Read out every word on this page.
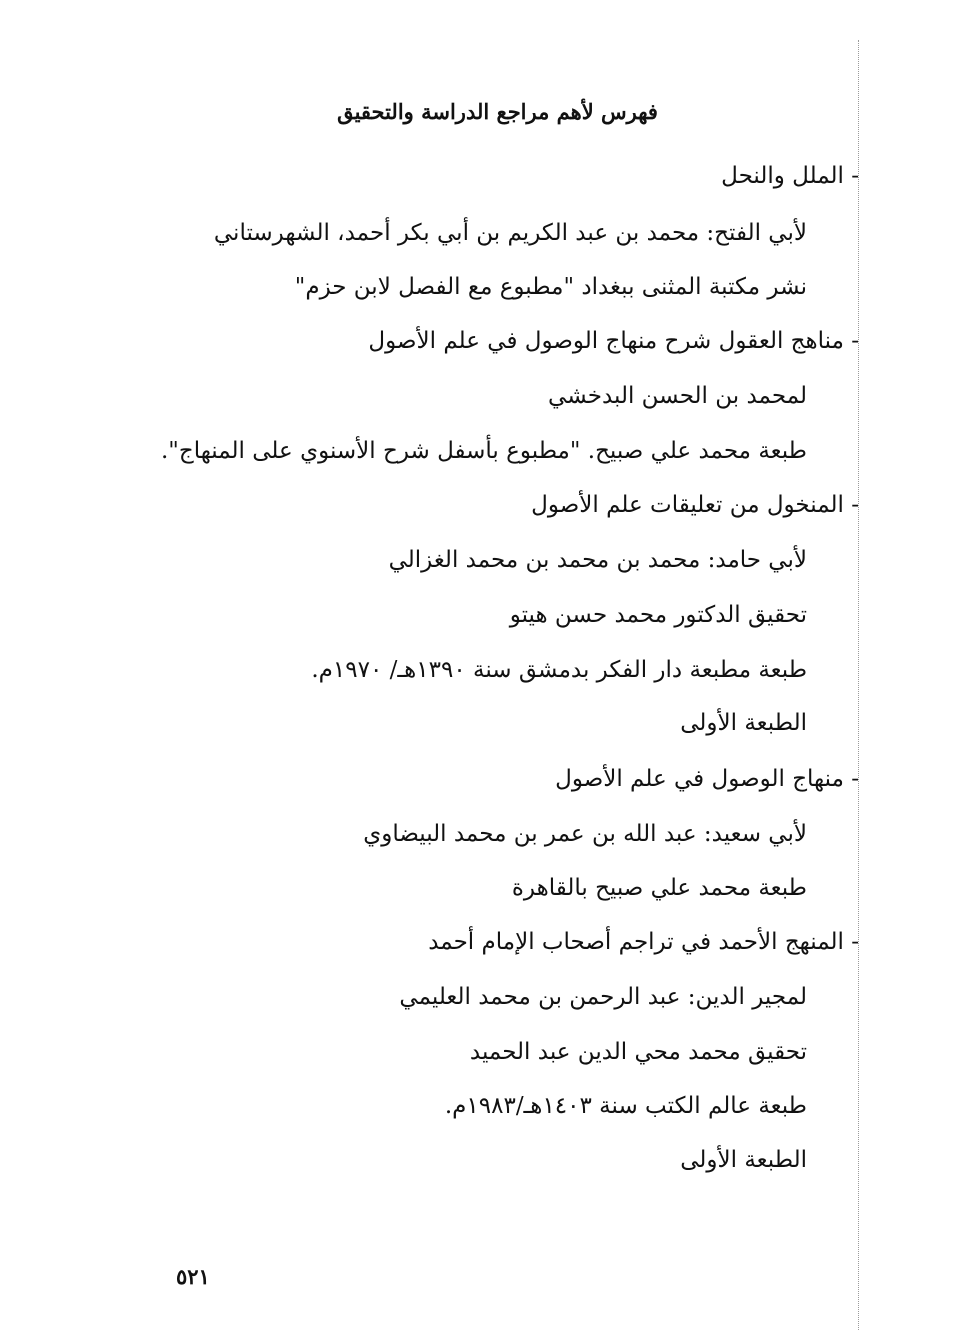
فهرس لأهم مراجع الدراسة والتحقيق
- الملل والنحل
لأبي الفتح: محمد بن عبد الكريم بن أبي بكر أحمد، الشهرستاني
نشر مكتبة المثنى ببغداد "مطبوع مع الفصل لابن حزم"
- مناهج العقول شرح منهاج الوصول في علم الأصول
لمحمد بن الحسن البدخشي
طبعة محمد علي صبيح. "مطبوع بأسفل شرح الأسنوي على المنهاج".
- المنخول من تعليقات علم الأصول
لأبي حامد: محمد بن محمد بن محمد الغزالي
تحقيق الدكتور محمد حسن هيتو
طبعة مطبعة دار الفكر بدمشق سنة ١٣٩٠هـ/ ١٩٧٠م.
الطبعة الأولى
- منهاج الوصول في علم الأصول
لأبي سعيد: عبد الله بن عمر بن محمد البيضاوي
طبعة محمد علي صبيح بالقاهرة
- المنهج الأحمد في تراجم أصحاب الإمام أحمد
لمجير الدين: عبد الرحمن بن محمد العليمي
تحقيق محمد محي الدين عبد الحميد
طبعة عالم الكتب سنة ١٤٠٣هـ/١٩٨٣م.
الطبعة الأولى
٥٢١
